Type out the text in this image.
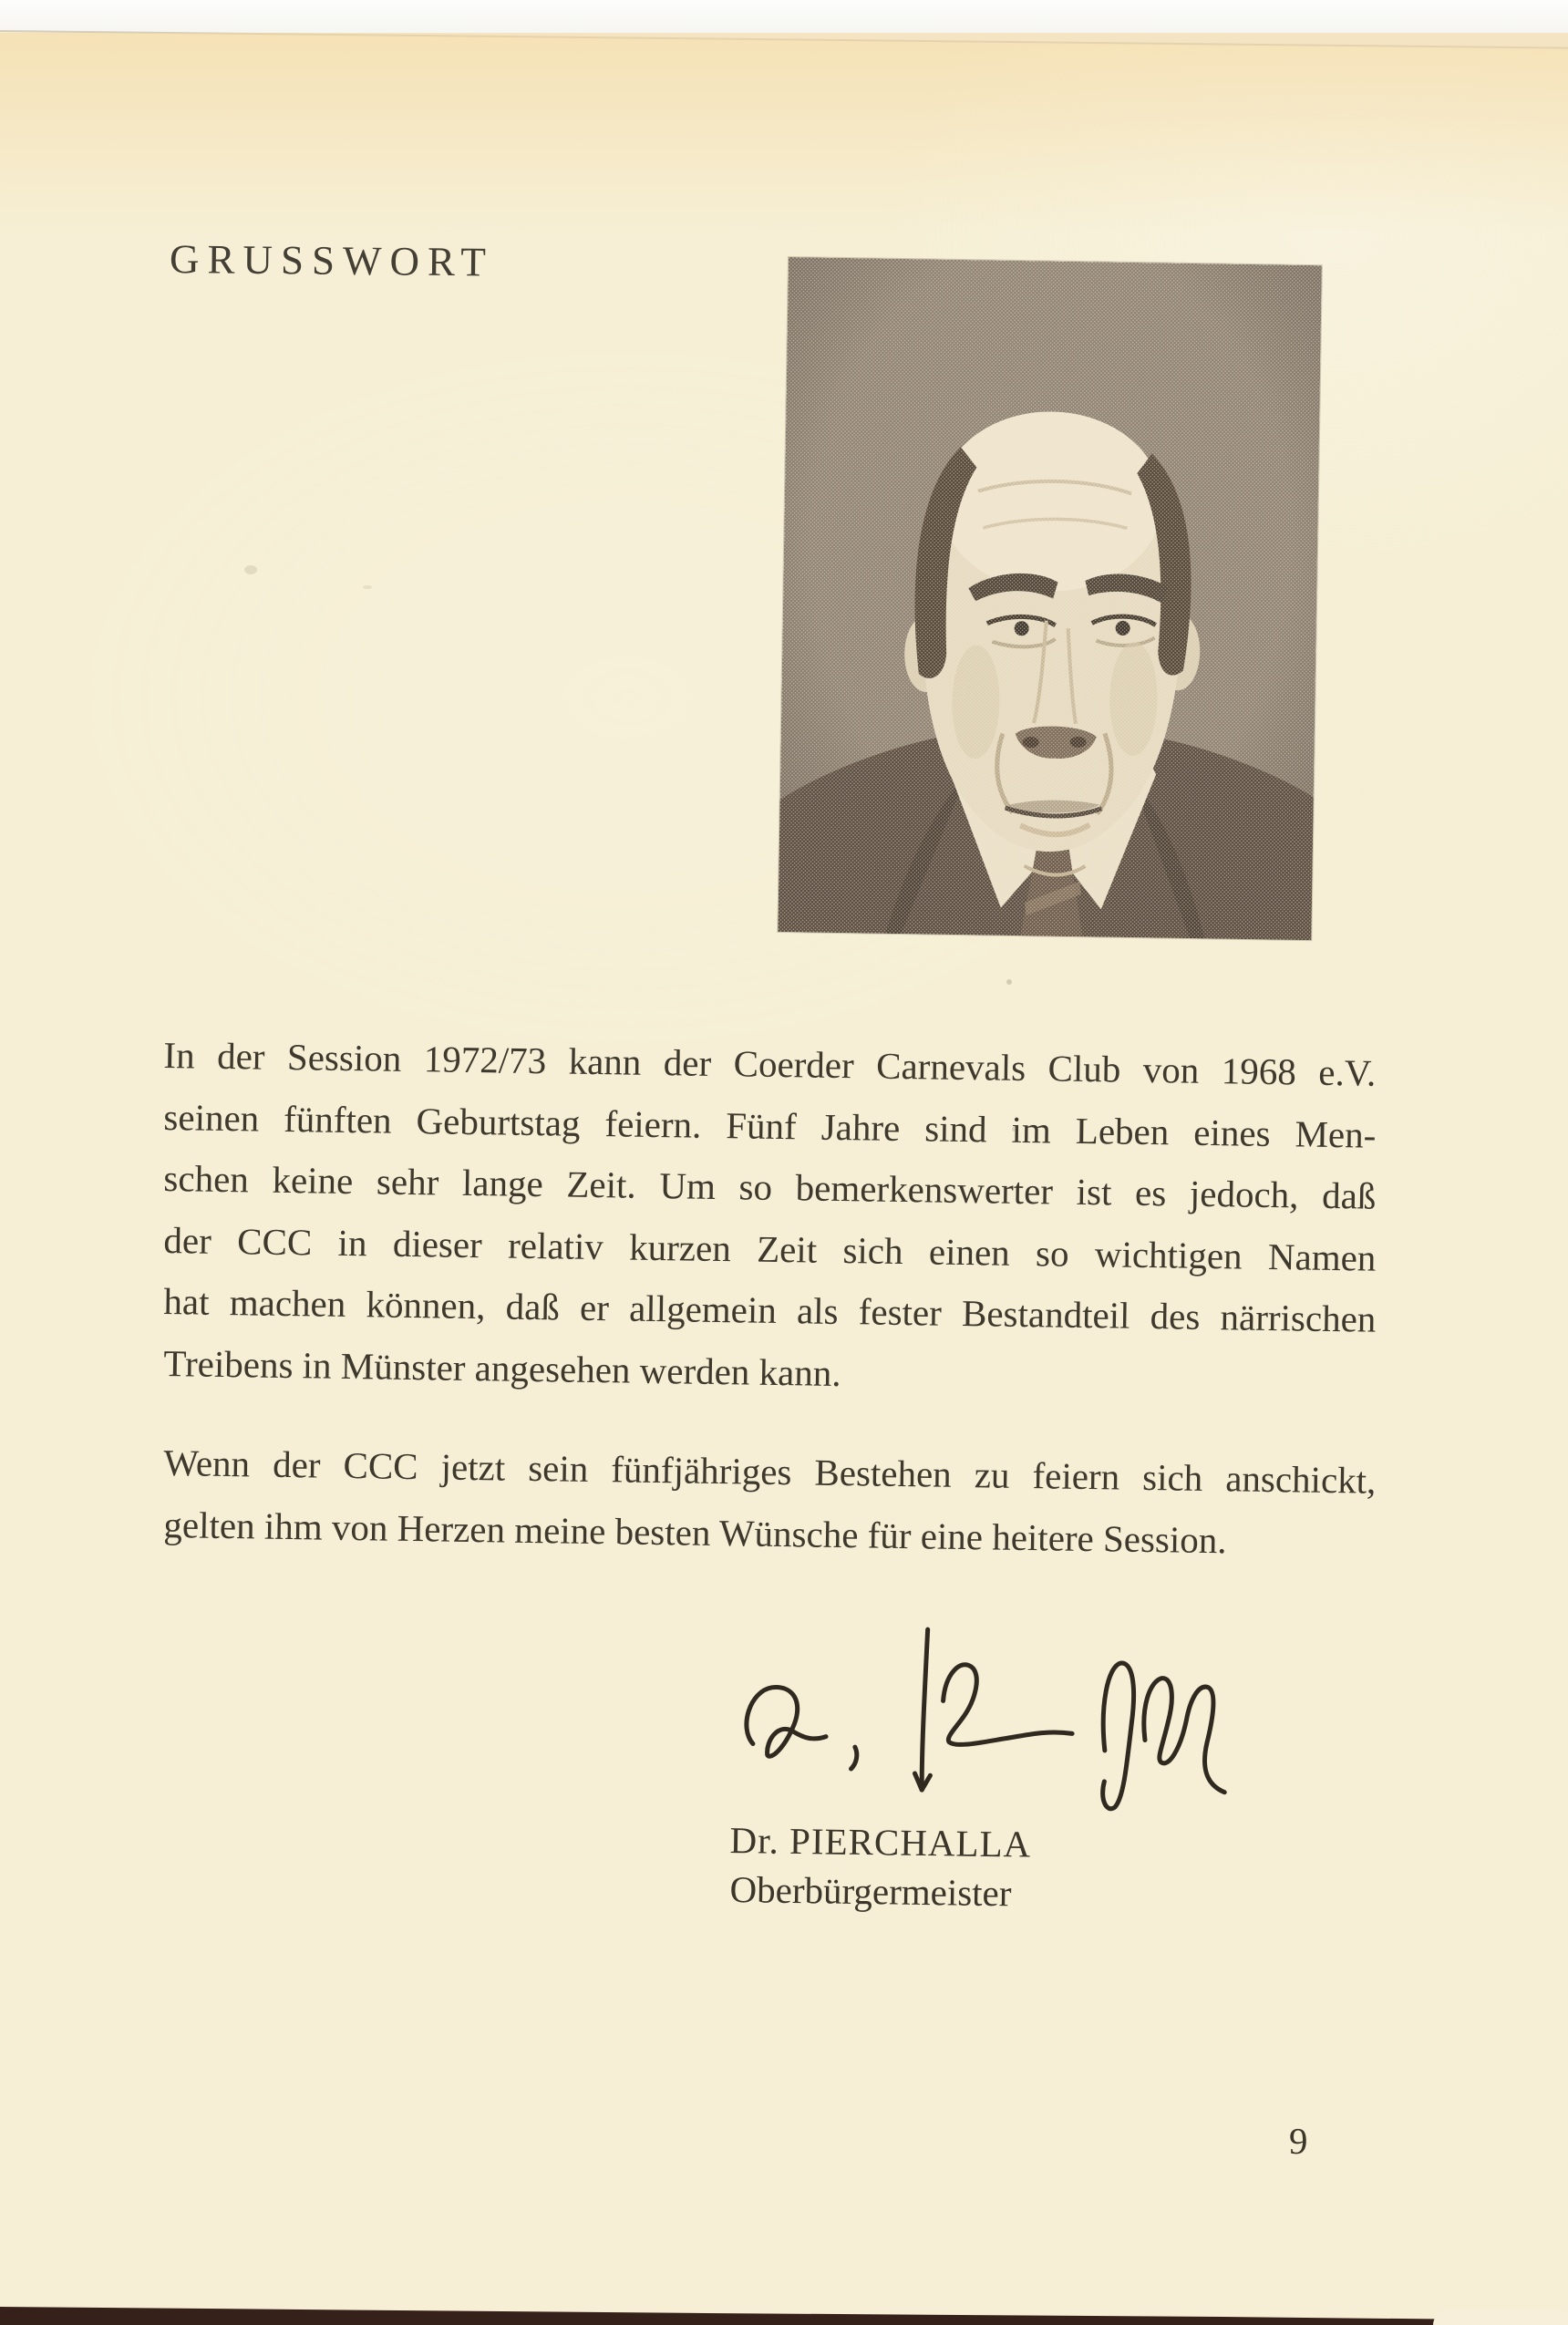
GRUSSWORT
In der Session 1972/73 kann der Coerder Carnevals Club von 1968 e.V.
seinen fünften Geburtstag feiern. Fünf Jahre sind im Leben eines Men-
schen keine sehr lange Zeit. Um so bemerkenswerter ist es jedoch, daß
der CCC in dieser relativ kurzen Zeit sich einen so wichtigen Namen
hat machen können, daß er allgemein als fester Bestandteil des närrischen
Treibens in Münster angesehen werden kann.
Wenn der CCC jetzt sein fünfjähriges Bestehen zu feiern sich anschickt,
gelten ihm von Herzen meine besten Wünsche für eine heitere Session.
Dr. PIERCHALLA
Oberbürgermeister
9
